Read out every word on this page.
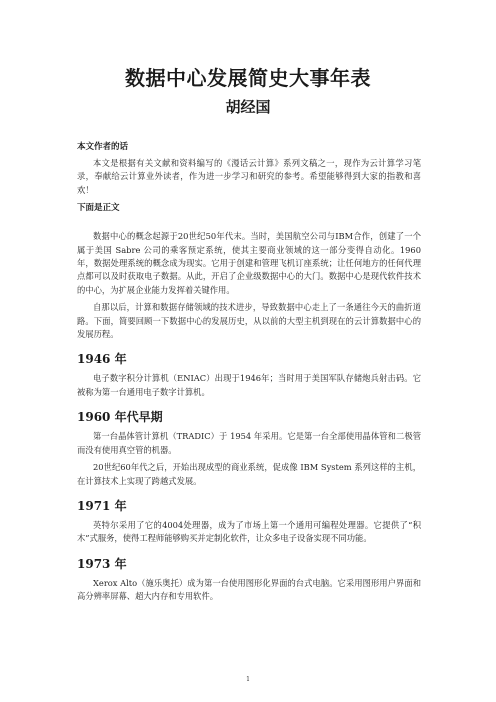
数据中心发展简史大事年表
胡经国
本文作者的话

本文是根据有关文献和资料编写的《漫话云计算》系列文稿之一，现作为云计算学习笔录，奉献给云计算业外读者，作为进一步学习和研究的参考。希望能够得到大家的指教和喜欢！

下面是正文

数据中心的概念起源于20世纪50年代末。当时，美国航空公司与IBM合作，创建了一个属于美国 Sabre 公司的乘客预定系统，使其主要商业领域的这一部分变得自动化。1960 年，数据处理系统的概念成为现实。它用于创建和管理飞机订座系统；让任何地方的任何代理点都可以及时获取电子数据。从此，开启了企业级数据中心的大门。数据中心是现代软件技术的中心，为扩展企业能力发挥着关键作用。

自那以后，计算和数据存储领域的技术进步，导致数据中心走上了一条通往今天的曲折道路。下面，简要回顾一下数据中心的发展历史，从以前的大型主机到现在的云计算数据中心的发展历程。

1946 年

电子数字积分计算机（ENIAC）出现于1946年；当时用于美国军队存储炮兵射击码。它被称为第一台通用电子数字计算机。

1960 年代早期

第一台晶体管计算机（TRADIC）于 1954 年采用。它是第一台全部使用晶体管和二极管而没有使用真空管的机器。

20世纪60年代之后，开始出现成型的商业系统，促成像 IBM System 系列这样的主机，在计算技术上实现了跨越式发展。

1971 年

英特尔采用了它的4004处理器，成为了市场上第一个通用可编程处理器。它提供了“积木”式服务，使得工程师能够购买并定制化软件，让众多电子设备实现不同功能。

1973 年

Xerox Alto（施乐奥托）成为第一台使用图形化界面的台式电脑。它采用图形用户界面和高分辨率屏幕、超大内存和专用软件。

1
